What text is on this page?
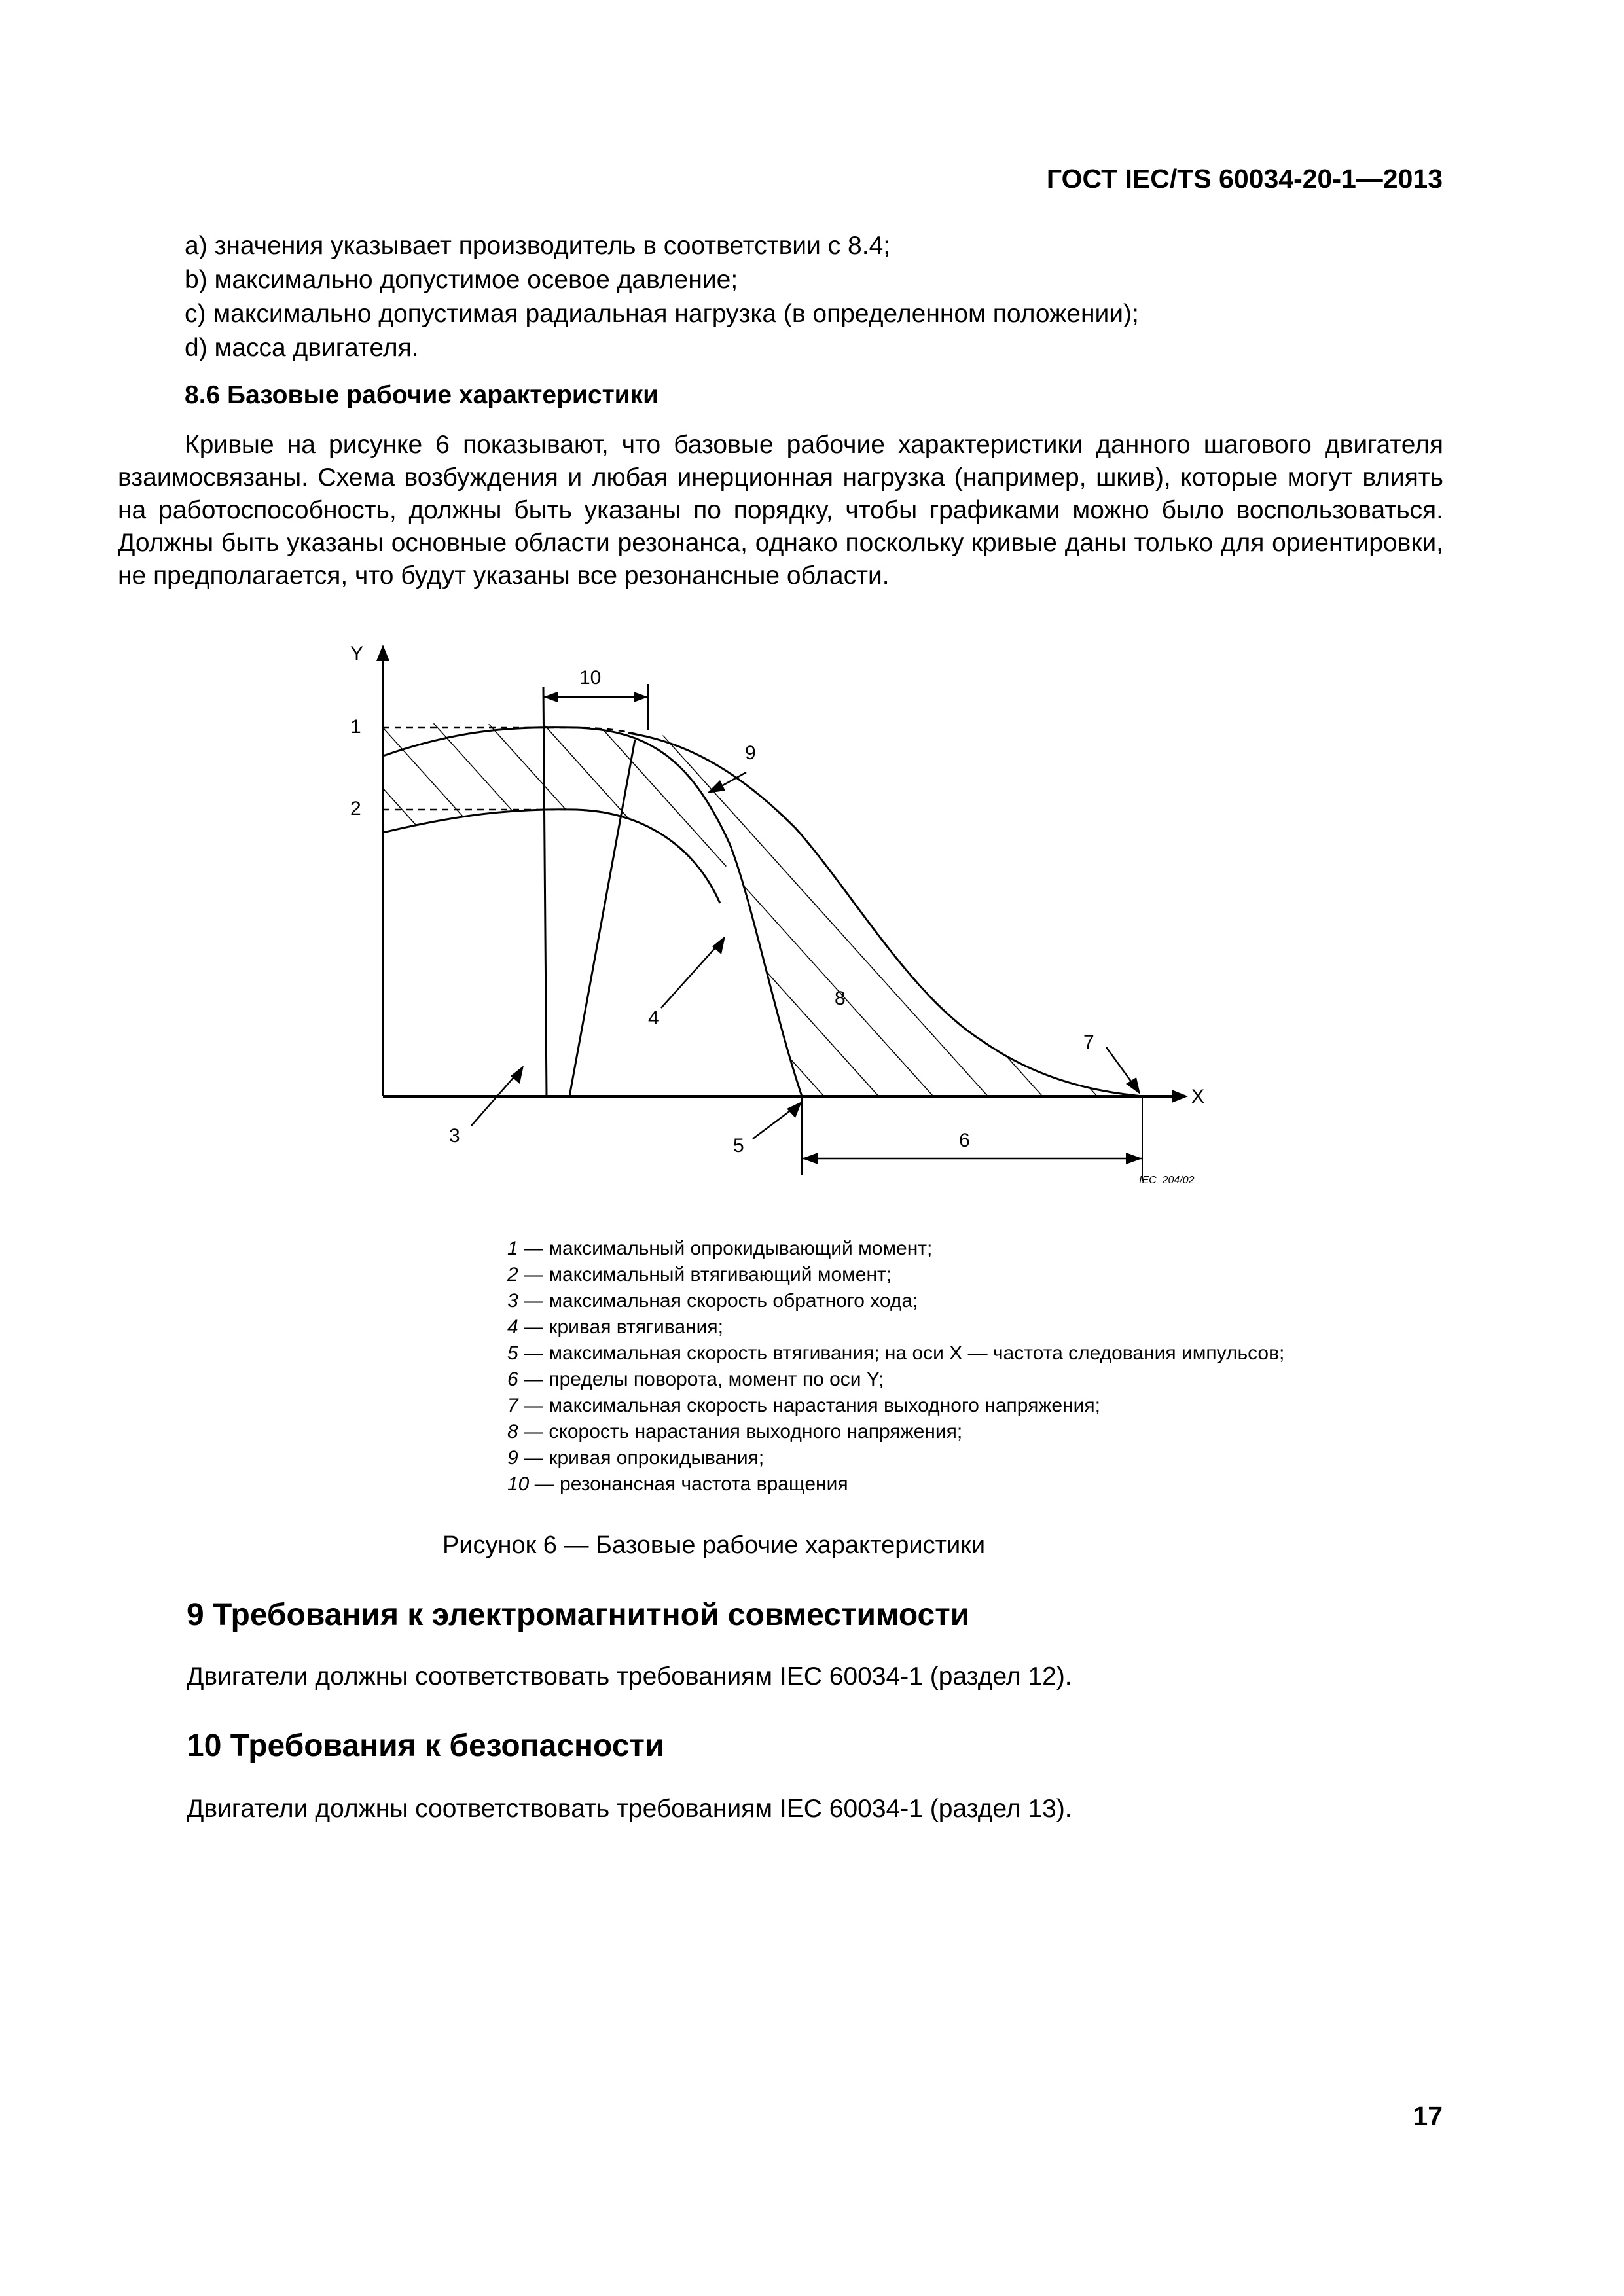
ГОСТ IEC/TS 60034-20-1—2013
a) значения указывает производитель в соответствии с 8.4;
b) максимально допустимое осевое давление;
c) максимально допустимая радиальная нагрузка (в определенном положении);
d) масса двигателя.
8.6 Базовые рабочие характеристики

Кривые на рисунке 6 показывают, что базовые рабочие характеристики данного шагового двигателя взаимосвязаны. Схема возбуждения и любая инерционная нагрузка (например, шкив), которые могут влиять на работоспособность, должны быть указаны по порядку, чтобы графиками можно было воспользоваться. Должны быть указаны основные области резонанса, однако поскольку кривые даны только для ориентировки, не предполагается, что будут указаны все резонансные области.

Y
X
1
2
3
4
5	6
7
8
9
10
IEC  204/02
1 — максимальный опрокидывающий момент;
2 — максимальный втягивающий момент;
3 — максимальная скорость обратного хода;
4 — кривая втягивания;
5 — максимальная скорость втягивания; на оси X — частота следования импульсов;
6 — пределы поворота, момент по оси Y;
7 — максимальная скорость нарастания выходного напряжения;
8 — скорость нарастания выходного напряжения;
9 — кривая опрокидывания;
10 — резонансная частота вращения
Рисунок 6 — Базовые рабочие характеристики
9 Требования к электромагнитной совместимости
Двигатели должны соответствовать требованиям IEC 60034-1 (раздел 12).
10 Требования к безопасности
Двигатели должны соответствовать требованиям IEC 60034-1 (раздел 13).
17
